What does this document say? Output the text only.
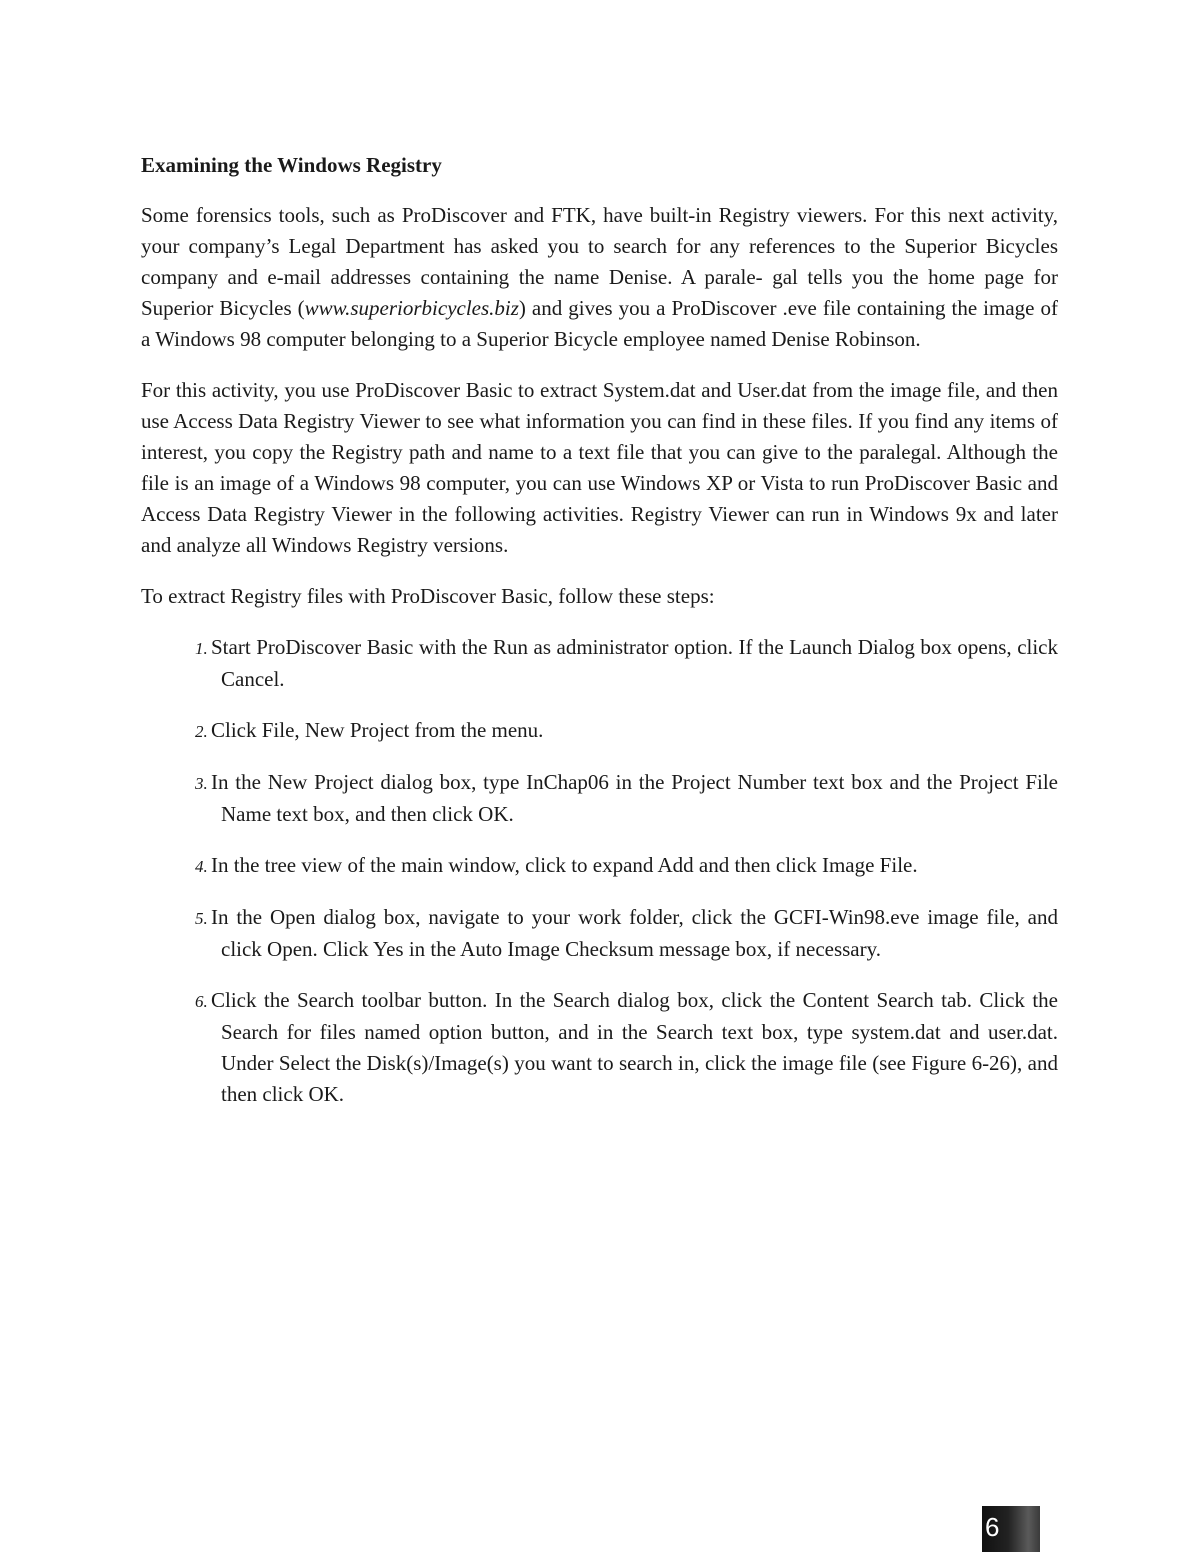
Examining the Windows Registry

Some forensics tools, such as ProDiscover and FTK, have built-in Registry viewers. For this next activity, your company’s Legal Department has asked you to search for any references to the Superior Bicycles company and e-mail addresses containing the name Denise. A parale- gal tells you the home page for Superior Bicycles (www.superiorbicycles.biz) and gives you a ProDiscover .eve file containing the image of a Windows 98 computer belonging to a Superior Bicycle employee named Denise Robinson.

For this activity, you use ProDiscover Basic to extract System.dat and User.dat from the image file, and then use Access Data Registry Viewer to see what information you can find in these files. If you find any items of interest, you copy the Registry path and name to a text file that you can give to the paralegal. Although the file is an image of a Windows 98 computer, you can use Windows XP or Vista to run ProDiscover Basic and Access Data Registry Viewer in the following activities. Registry Viewer can run in Windows 9x and later and analyze all Windows Registry versions.

To extract Registry files with ProDiscover Basic, follow these steps:

1. Start ProDiscover Basic with the Run as administrator option. If the Launch Dialog box opens, click Cancel.
2. Click File, New Project from the menu.
3. In the New Project dialog box, type InChap06 in the Project Number text box and the Project File Name text box, and then click OK.
4. In the tree view of the main window, click to expand Add and then click Image File.
5. In the Open dialog box, navigate to your work folder, click the GCFI-Win98.eve image file, and click Open. Click Yes in the Auto Image Checksum message box, if necessary.
6. Click the Search toolbar button. In the Search dialog box, click the Content Search tab. Click the Search for files named option button, and in the Search text box, type system.dat and user.dat. Under Select the Disk(s)/Image(s) you want to search in, click the image file (see Figure 6-26), and then click OK.
6
